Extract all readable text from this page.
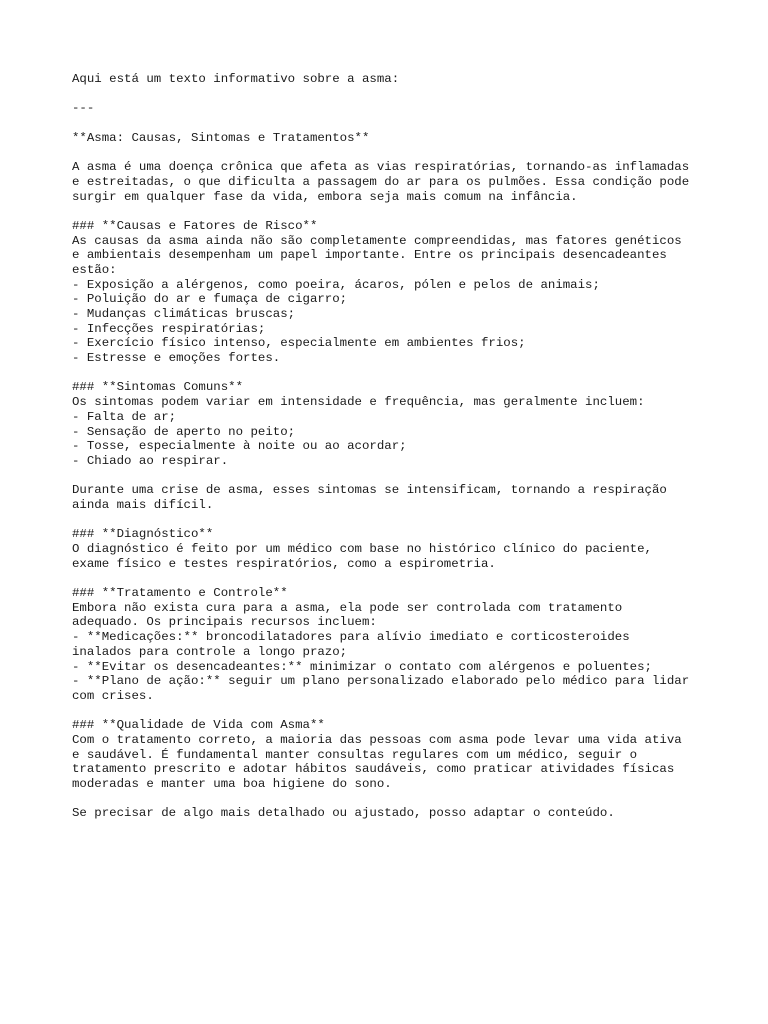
Aqui está um texto informativo sobre a asma:
---
**Asma: Causas, Sintomas e Tratamentos**
A asma é uma doença crônica que afeta as vias respiratórias, tornando-as inflamadas
e estreitadas, o que dificulta a passagem do ar para os pulmões. Essa condição pode
surgir em qualquer fase da vida, embora seja mais comum na infância.
### **Causas e Fatores de Risco**
As causas da asma ainda não são completamente compreendidas, mas fatores genéticos
e ambientais desempenham um papel importante. Entre os principais desencadeantes
estão:
- Exposição a alérgenos, como poeira, ácaros, pólen e pelos de animais;
- Poluição do ar e fumaça de cigarro;
- Mudanças climáticas bruscas;
- Infecções respiratórias;
- Exercício físico intenso, especialmente em ambientes frios;
- Estresse e emoções fortes.
### **Sintomas Comuns**
Os sintomas podem variar em intensidade e frequência, mas geralmente incluem:
- Falta de ar;
- Sensação de aperto no peito;
- Tosse, especialmente à noite ou ao acordar;
- Chiado ao respirar.
Durante uma crise de asma, esses sintomas se intensificam, tornando a respiração
ainda mais difícil.
### **Diagnóstico**
O diagnóstico é feito por um médico com base no histórico clínico do paciente,
exame físico e testes respiratórios, como a espirometria.
### **Tratamento e Controle**
Embora não exista cura para a asma, ela pode ser controlada com tratamento
adequado. Os principais recursos incluem:
- **Medicações:** broncodilatadores para alívio imediato e corticosteroides
inalados para controle a longo prazo;
- **Evitar os desencadeantes:** minimizar o contato com alérgenos e poluentes;
- **Plano de ação:** seguir um plano personalizado elaborado pelo médico para lidar
com crises.
### **Qualidade de Vida com Asma**
Com o tratamento correto, a maioria das pessoas com asma pode levar uma vida ativa
e saudável. É fundamental manter consultas regulares com um médico, seguir o
tratamento prescrito e adotar hábitos saudáveis, como praticar atividades físicas
moderadas e manter uma boa higiene do sono.
Se precisar de algo mais detalhado ou ajustado, posso adaptar o conteúdo.
